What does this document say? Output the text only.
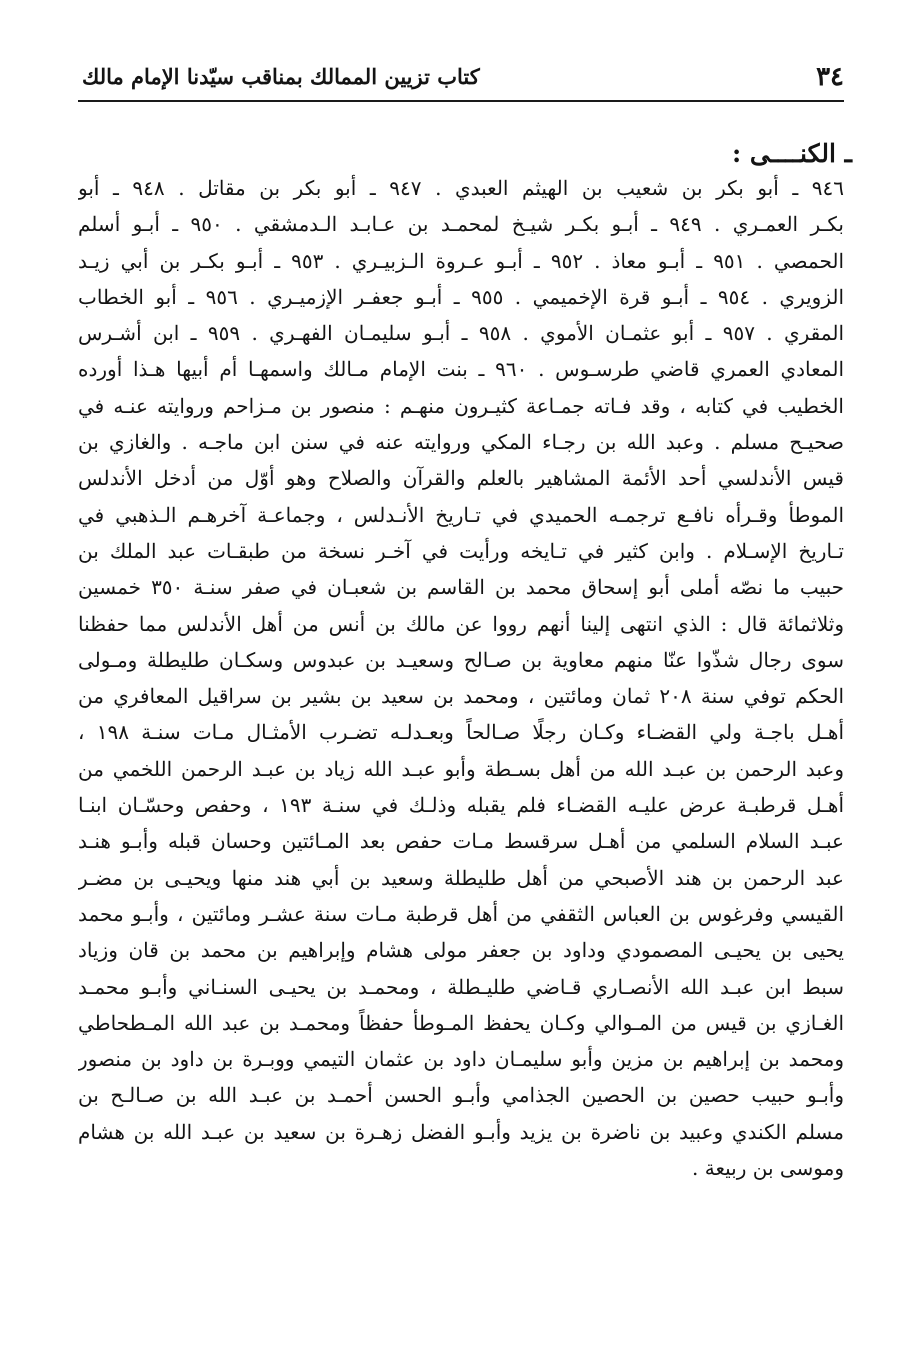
٣٤
كتاب تزيين الممالك بمناقب سيّدنا الإمام مالك
ـ الكنــــى :
٩٤٦ ـ أبو بكر بن شعيب بن الهيثم العبدي . ٩٤٧ ـ أبو بكر بن مقاتل . ٩٤٨ ـ أبو
بكـر العمـري . ٩٤٩ ـ أبـو بكـر شيـخ لمحمـد بن عـابـد الـدمشقي . ٩٥٠ ـ أبـو أسلم
الحمصي . ٩٥١ ـ أبـو معاذ . ٩٥٢ ـ أبـو عـروة الـزبيـري . ٩٥٣ ـ أبـو بكـر بن أبي زيـد
الزويري . ٩٥٤ ـ أبـو قرة الإخميمي . ٩٥٥ ـ أبـو جعفـر الإزميـري . ٩٥٦ ـ أبو الخطاب
المقري . ٩٥٧ ـ أبو عثمـان الأموي . ٩٥٨ ـ أبـو سليمـان الفهـري . ٩٥٩ ـ ابن أشـرس
المعادي العمري قاضي طرسـوس . ٩٦٠ ـ بنت الإمام مـالك واسمهـا أم أبيها هـذا أورده
الخطيب في كتابه ، وقد فـاته جمـاعة كثيـرون منهـم : منصور بن مـزاحم وروايته عنـه في
صحيـح مسلم . وعبد الله بن رجـاء المكي وروايته عنه في سنن ابن ماجـه . والغازي بن
قيس الأندلسي أحد الأئمة المشاهير بالعلم والقرآن والصلاح وهو أوّل من أدخل الأندلس
الموطأ وقـرأه نافـع ترجمـه الحميدي في تـاريخ الأنـدلس ، وجماعـة آخرهـم الـذهبي في
تـاريخ الإسـلام . وابن كثير في تـايخه ورأيت في آخـر نسخة من طبقـات عبد الملك بن
حبيب ما نصّه أملى أبو إسحاق محمد بن القاسم بن شعبـان في صفر سنـة ٣٥٠ خمسين
وثلاثمائة قال : الذي انتهى إلينا أنهم رووا عن مالك بن أنس من أهل الأندلس مما حفظنا
سوى رجال شذّوا عنّا منهم معاوية بن صـالح وسعيـد بن عبدوس وسكـان طليطلة ومـولى
الحكم توفي سنة ٢٠٨ ثمان ومائتين ، ومحمد بن سعيد بن بشير بن سراقيل المعافري من
أهـل باجـة ولي القضـاء وكـان رجلًا صـالحاً وبعـدلـه تضـرب الأمثـال مـات سنـة ١٩٨ ،
وعبد الرحمن بن عبـد الله من أهل بسـطة وأبو عبـد الله زياد بن عبـد الرحمن اللخمي من
أهـل قرطبـة عرض عليـه القضـاء فلم يقبله وذلـك في سنـة ١٩٣ ، وحفص وحسّـان ابنـا
عبـد السلام السلمي من أهـل سرقسط مـات حفص بعد المـائتين وحسان قبله وأبـو هنـد
عبد الرحمن بن هند الأصبحي من أهل طليطلة وسعيد بن أبي هند منها ويحيـى بن مضـر
القيسي وفرغوس بن العباس الثقفي من أهل قرطبة مـات سنة عشـر ومائتين ، وأبـو محمد
يحيى بن يحيـى المصمودي وداود بن جعفر مولى هشام وإبراهيم بن محمد بن قان وزياد
سبط ابن عبـد الله الأنصـاري قـاضي طليـطلة ، ومحمـد بن يحيـى السنـاني وأبـو محمـد
الغـازي بن قيس من المـوالي وكـان يحفظ المـوطأ حفظاً ومحمـد بن عبد الله المـطحاطي
ومحمد بن إبراهيم بن مزين وأبو سليمـان داود بن عثمان التيمي ووبـرة بن داود بن منصور
وأبـو حبيب حصين بن الحصين الجذامي وأبـو الحسن أحمـد بن عبـد الله بن صـالـح بن
مسلم الكندي وعبيد بن ناضرة بن يزيد وأبـو الفضل زهـرة بن سعيد بن عبـد الله بن هشام
وموسى بن ربيعة .
